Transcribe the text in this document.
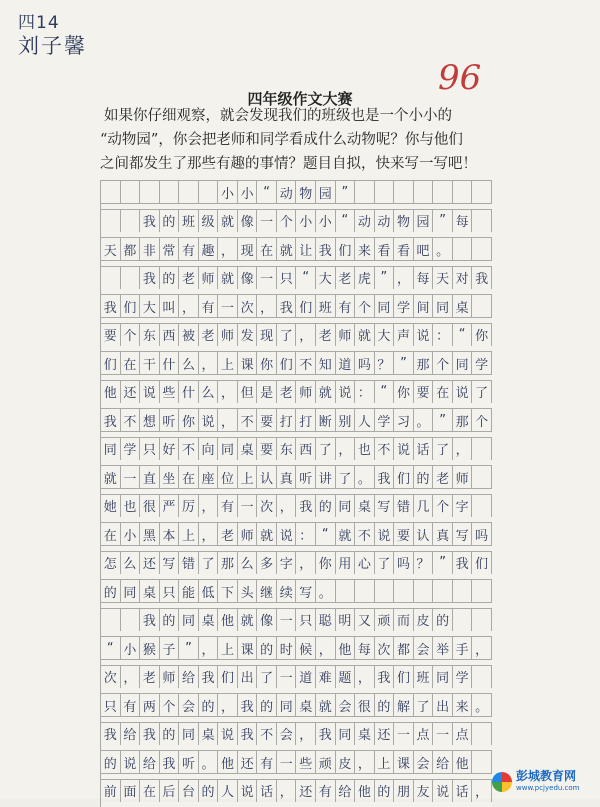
四14
刘子馨
96
四年级作文大赛
如果你仔细观察，就会发现我们的班级也是一个小小的
“动物园”，你会把老师和同学看成什么动物呢？你与他们
之间都发生了那些有趣的事情？题目自拟，快来写一写吧！
小 小 “ 动 物 园 ”
我 的 班 级 就 像 一 个 小 小 “ 动 动 物 园 ” 每
天 都 非 常 有 趣 ， 现 在 就 让 我 们 来 看 看 吧 。
我 的 老 师 就 像 一 只 “ 大 老 虎 ” ， 每 天 对 我
我 们 大 叫 ， 有 一 次 ， 我 们 班 有 个 同 学 间 同 桌
要 个 东 西 被 老 师 发 现 了 ， 老 师 就 大 声 说 ： “ 你
们 在 干 什 么 ， 上 课 你 们 不 知 道 吗 ？ ” 那 个 同 学
他 还 说 些 什 么 ， 但 是 老 师 就 说 ： “ 你 要 在 说 了
我 不 想 听 你 说 ， 不 要 打 打 断 别 人 学 习 。 ” 那 个
同 学 只 好 不 向 同 桌 要 东 西 了 ， 也 不 说 话 了 ，
就 一 直 坐 在 座 位 上 认 真 听 讲 了 。 我 们 的 老 师
她 也 很 严 厉 ， 有 一 次 ， 我 的 同 桌 写 错 几 个 字
在 小 黑 本 上 ， 老 师 就 说 ： “ 就 不 说 要 认 真 写 吗
怎 么 还 写 错 了 那 么 多 字 ， 你 用 心 了 吗 ？ ” 我 们
的 同 桌 只 能 低 下 头 继 续 写 。
我 的 同 桌 他 就 像 一 只 聪 明 又 顽 而 皮 的
“ 小 猴 子 ” ， 上 课 的 时 候 ， 他 每 次 都 会 举 手 ，
次 ， 老 师 给 我 们 出 了 一 道 难 题 ， 我 们 班 同 学
只 有 两 个 会 的 ， 我 的 同 桌 就 会 很 的 解 了 出 来 。
我 给 我 的 同 桌 说 我 不 会 ， 我 同 桌 还 一 点 一 点
的 说 给 我 听 。 他 还 有 一 些 顽 皮 ， 上 课 会 给 他
前 面 在 后 台 的 人 说 话 ， 还 有 给 他 的 朋 友 说 话 ，
彭城教育网
www.pcjyedu.com
